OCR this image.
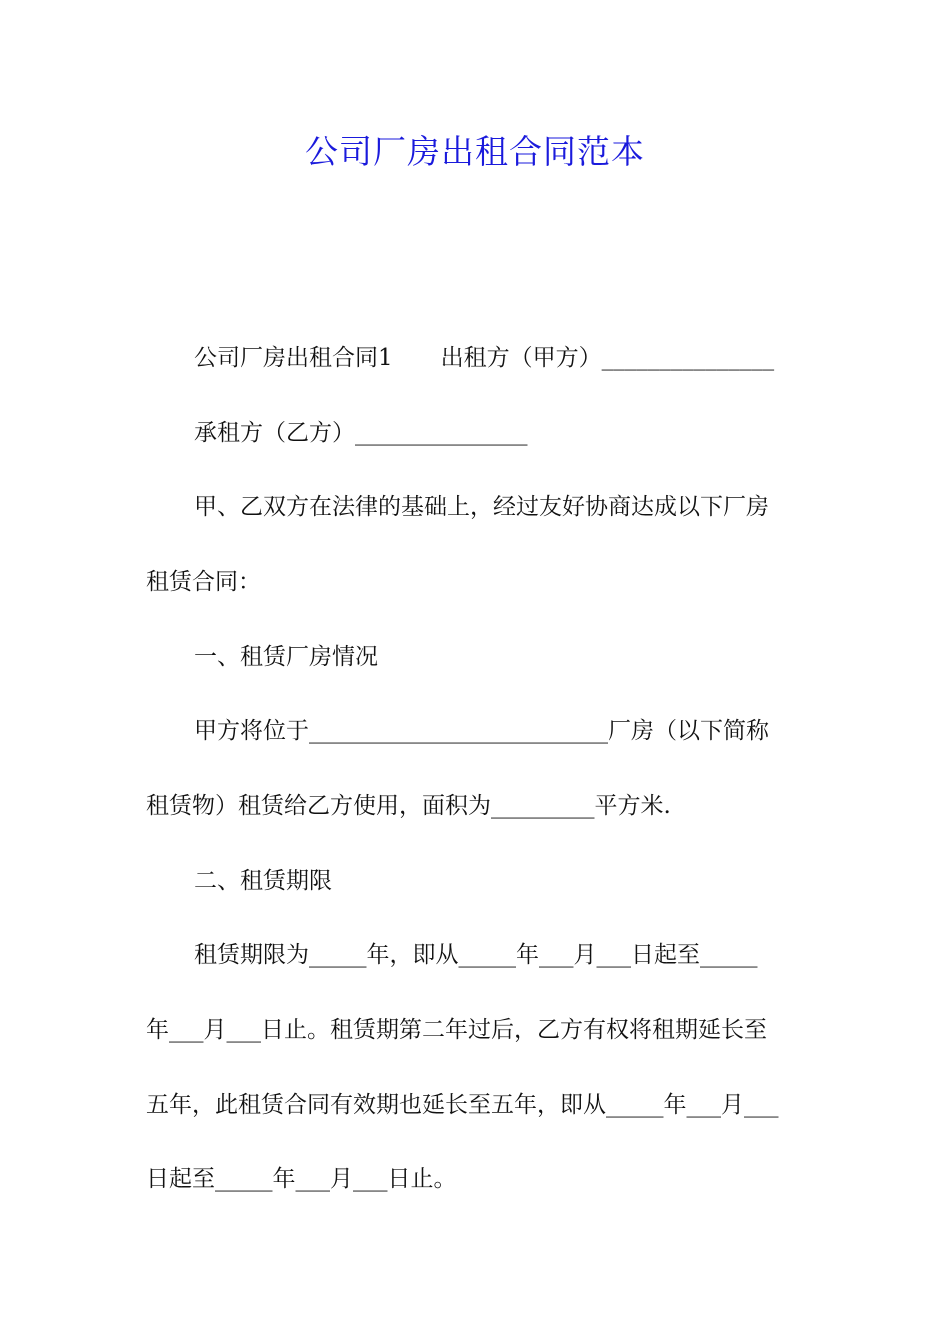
公司厂房出租合同范本
公司厂房出租合同1 出租方（甲方）_______________
承租方（乙方）_______________
甲、乙双方在法律的基础上，经过友好协商达成以下厂房
租赁合同：
一、租赁厂房情况
甲方将位于__________________________厂房（以下简称
租赁物）租赁给乙方使用，面积为_________平方米.
二、租赁期限
租赁期限为_____年，即从_____年___月___日起至_____
年___月___日止。租赁期第二年过后，乙方有权将租期延长至
五年，此租赁合同有效期也延长至五年，即从_____年___月___
日起至_____年___月___日止。
